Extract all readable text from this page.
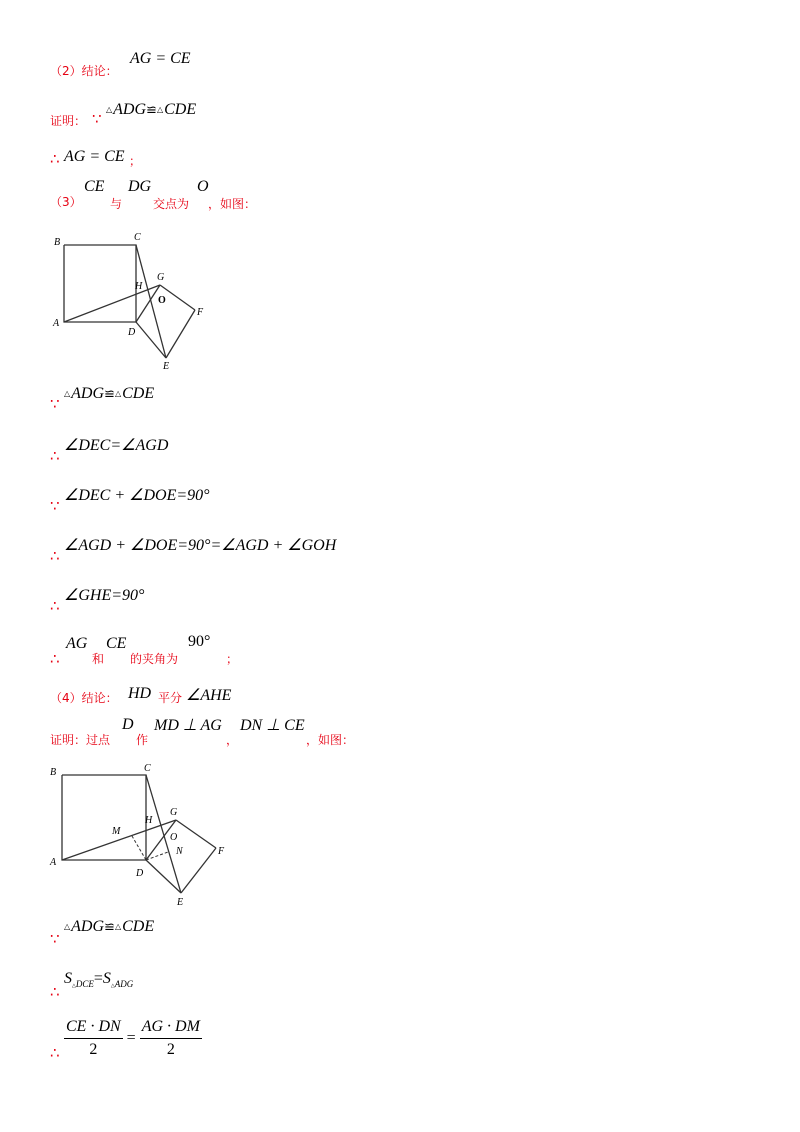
（2）结论：
AG = CE
证明： ∵
△ADG≌△CDE
∴ AG = CE ；
（3）
CE
与
DG
交点为
O
，如图：
B	C
A
D
H
G
O
F
E
∵
△ADG≌△CDE
∴
∠DEC=∠AGD
∵
∠DEC + ∠DOE=90°
∴
∠AGD + ∠DOE=90°=∠AGD + ∠GOH
∴
∠GHE=90°
∴
AG
和
CE
的夹角为
90°
；
（4）结论： HD 平分 ∠AHE
证明：过点
D
作
MD ⊥ AG
，
DN ⊥ CE
，如图：
B	C
A
D
M
H
G
O
N	F
E
∵
△ADG≌△CDE
∴
$S_{\triangle DCE}=S_{\triangle ADG}$
∴ $\frac{CE \cdot DN}{2} = \frac{AG \cdot DM}{2}$
